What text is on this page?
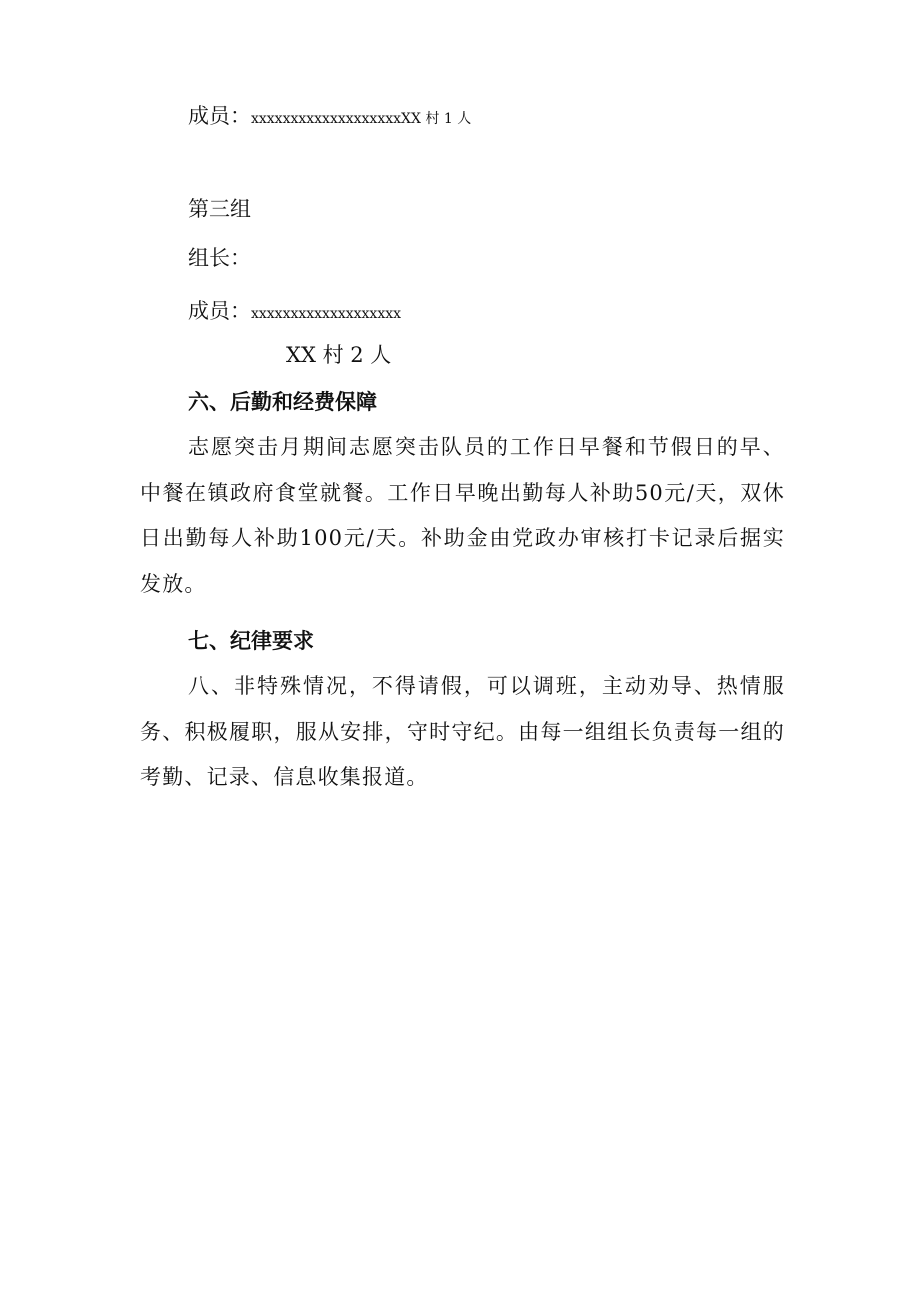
成员：xxxxxxxxxxxxxxxxxxxXX 村 1 人
第三组
组长：
成员：xxxxxxxxxxxxxxxxxxx
XX 村 2 人
六、后勤和经费保障
志愿突击月期间志愿突击队员的工作日早餐和节假日的早、中餐在镇政府食堂就餐。工作日早晚出勤每人补助50元/天，双休日出勤每人补助100元/天。补助金由党政办审核打卡记录后据实发放。
七、纪律要求
八、非特殊情况，不得请假，可以调班，主动劝导、热情服务、积极履职，服从安排，守时守纪。由每一组组长负责每一组的考勤、记录、信息收集报道。
